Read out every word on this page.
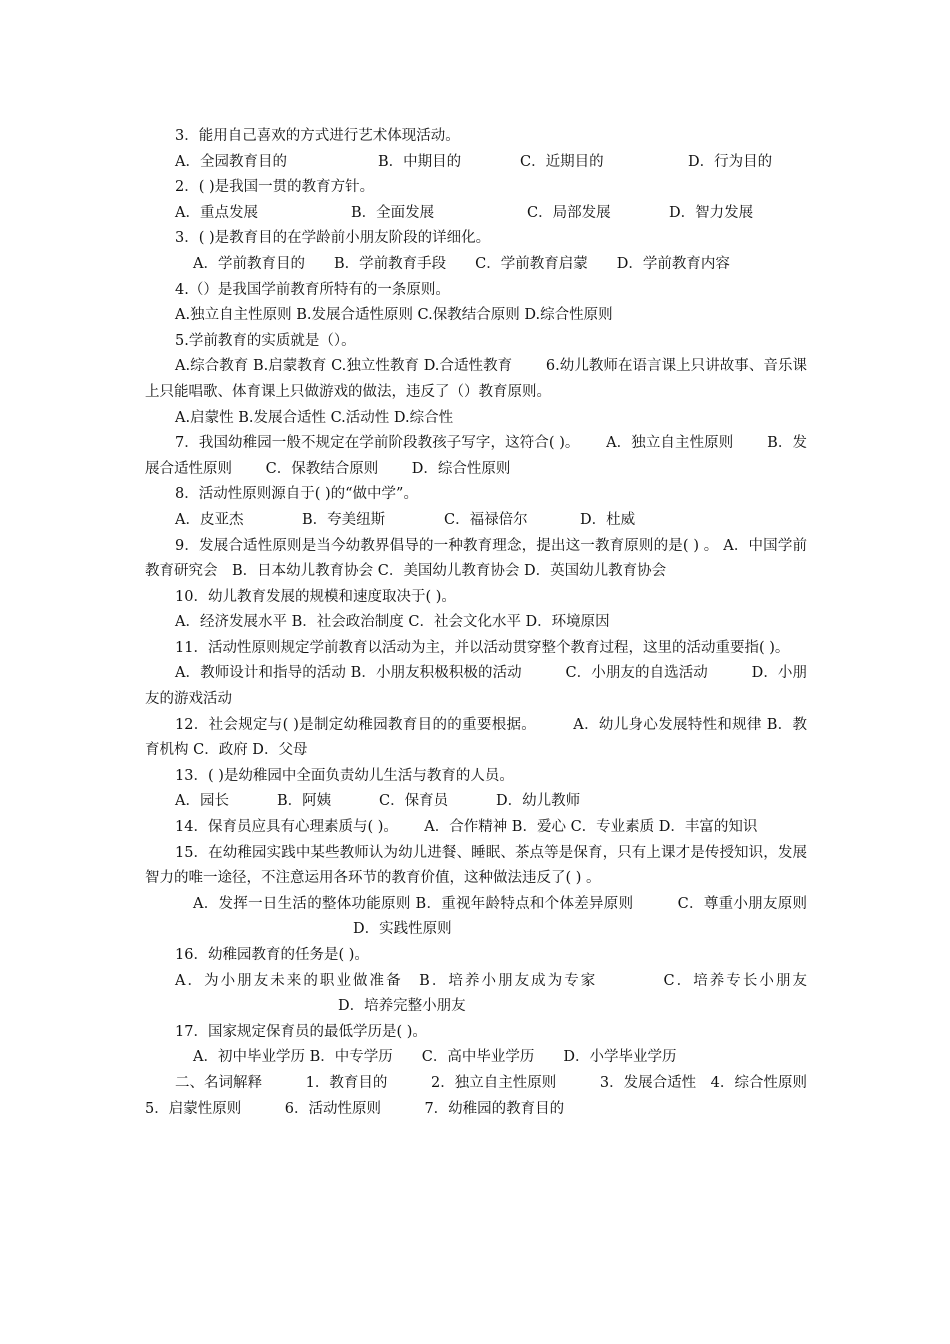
3．能用自己喜欢的方式进行艺术体现活动。

A．全园教育目的	B．中期目的	C．近期目的	D．行为目的

2．( )是我国一贯的教育方针。

A．重点发展	B．全面发展	C．局部发展	D．智力发展

3．( )是教育目的在学龄前小朋友阶段的详细化。

A．学前教育目的　　B．学前教育手段　　C．学前教育启蒙　　D．学前教育内容

4.（）是我国学前教育所特有的一条原则。

A.独立自主性原则 B.发展合适性原则 C.保教结合原则 D.综合性原则

5.学前教育的实质就是（）。

A.综合教育 B.启蒙教育 C.独立性教育 D.合适性教育　　 6.幼儿教师在语言课上只讲故事、音乐课上只能唱歌、体育课上只做游戏的做法，违反了（）教育原则。

A.启蒙性 B.发展合适性 C.活动性 D.综合性

7．我国幼稚园一般不规定在学前阶段教孩子写字，这符合( )。　　 A．独立自主性原则　　 B．发展合适性原则　　 C．保教结合原则　　 D．综合性原则

8．活动性原则源自于( )的“做中学”。

A．皮亚杰	B．夸美纽斯	C．福禄倍尔	D．杜威

9．发展合适性原则是当今幼教界倡导的一种教育理念，提出这一教育原则的是( ) 。 A．中国学前教育研究会　B．日本幼儿教育协会 C．美国幼儿教育协会 D．英国幼儿教育协会

10．幼儿教育发展的规模和速度取决于( )。

A．经济发展水平 B．社会政治制度 C．社会文化水平 D．环境原因

11．活动性原则规定学前教育以活动为主，并以活动贯穿整个教育过程，这里的活动重要指( )。

A．教师设计和指导的活动 B．小朋友积极积极的活动　　　C．小朋友的自选活动　　　D．小朋友的游戏活动

12．社会规定与( )是制定幼稚园教育目的的重要根据。　　　A．幼儿身心发展特性和规律 B．教育机构 C．政府 D．父母

13．( )是幼稚园中全面负责幼儿生活与教育的人员。

A．园长	B．阿姨	C．保育员	D．幼儿教师

14．保育员应具有心理素质与( )。　　 A．合作精神 B．爱心 C．专业素质 D．丰富的知识

15．在幼稚园实践中某些教师认为幼儿进餐、睡眠、茶点等是保育，只有上课才是传授知识，发展智力的唯一途径，不注意运用各环节的教育价值，这种做法违反了( ) 。

A．发挥一日生活的整体功能原则 B．重视年龄特点和个体差异原则　　　C．尊重小朋友原则D．实践性原则

16．幼稚园教育的任务是( )。

A．为小朋友未来的职业做准备　B．培养小朋友成为专家　　　　C．培养专长小朋友D．培养完整小朋友

17．国家规定保育员的最低学历是( )。

A．初中毕业学历 B．中专学历　　C．高中毕业学历　　D．小学毕业学历

二、名词解释　　　1．教育目的　　　2．独立自主性原则　　　3．发展合适性　4．综合性原则　　　5．启蒙性原则　　　6．活动性原则　　　7．幼稚园的教育目的
